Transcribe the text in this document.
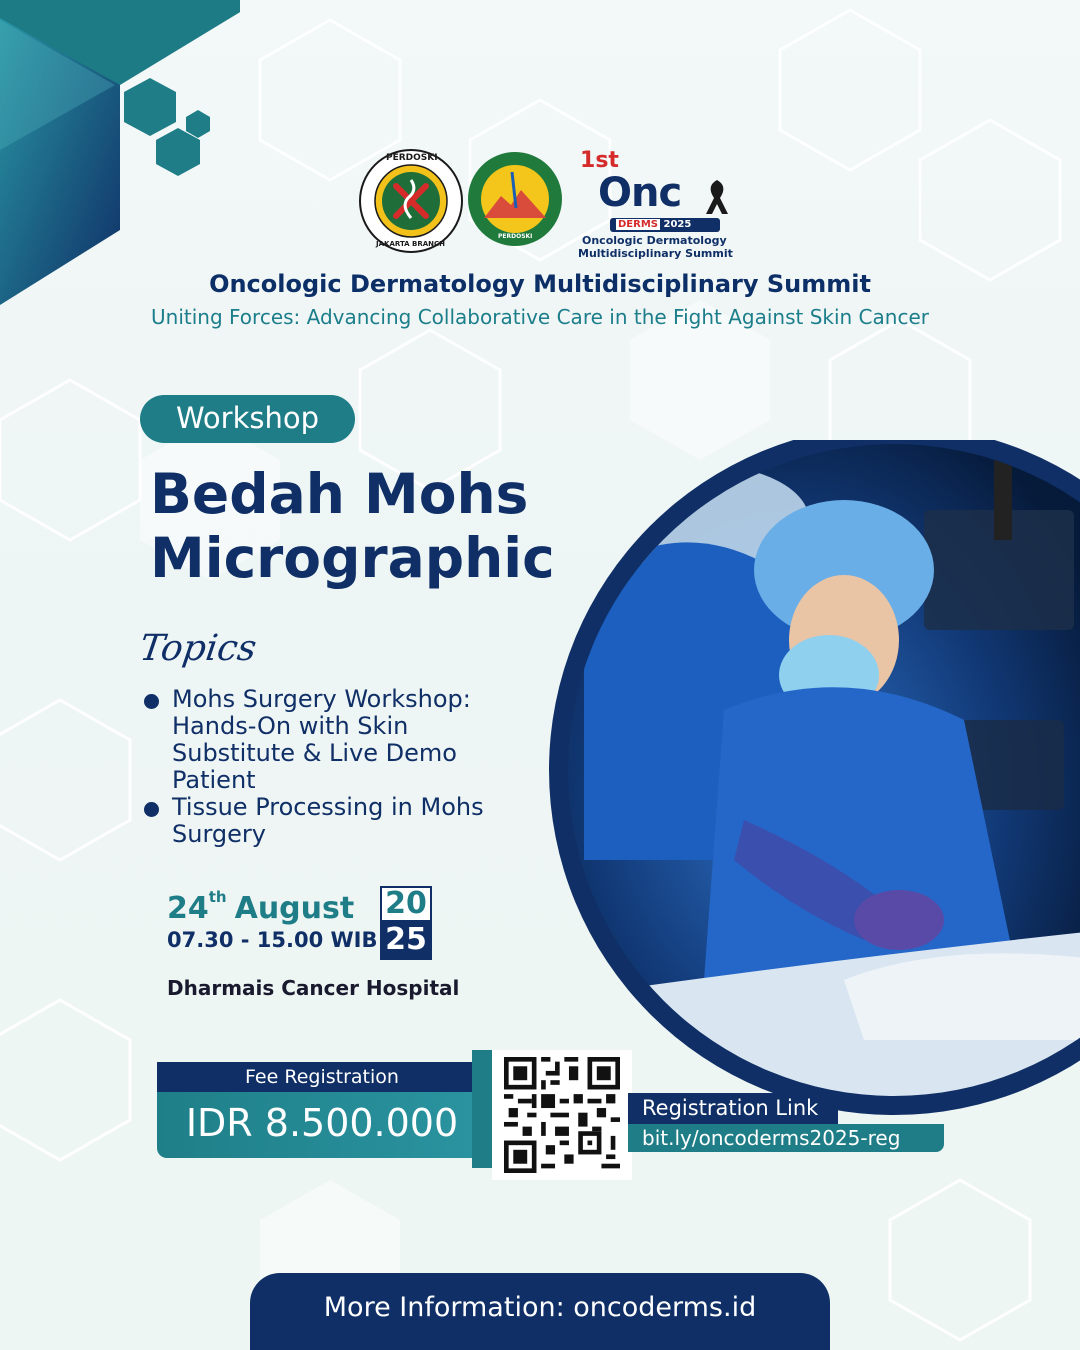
PERDOSKI
JAKARTA BRANCH
PERDOSKI
1st
Onc
DERMS 2025
Oncologic Dermatology
Multidisciplinary Summit
Oncologic Dermatology Multidisciplinary Summit

Uniting Forces: Advancing Collaborative Care in the Fight Against Skin Cancer

Workshop
Bedah Mohs
Micrographic
Topics
Mohs Surgery Workshop: Hands-On with Skin Substitute & Live Demo Patient
Tissue Processing in Mohs Surgery
24th August
07.30 - 15.00 WIB
20
25
Dharmais Cancer Hospital
Fee Registration
IDR 8.500.000	Registration Link
bit.ly/oncoderms2025-reg
More Information: oncoderms.id
